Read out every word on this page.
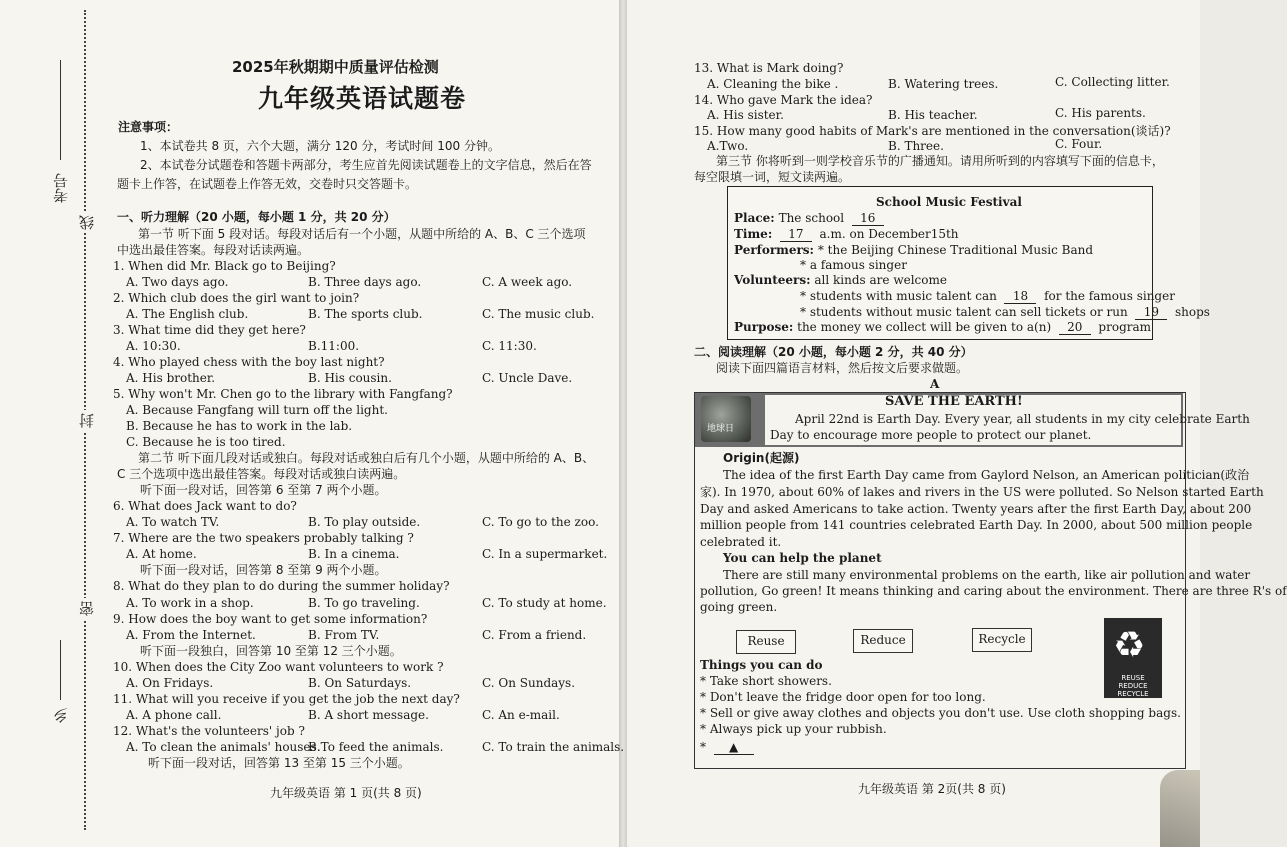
考号
线
封
密
乡
2025年秋期期中质量评估检测
九年级英语试题卷
注意事项：
1、本试卷共 8 页，六个大题，满分 120 分，考试时间 100 分钟。
2、本试卷分试题卷和答题卡两部分，考生应首先阅读试题卷上的文字信息，然后在答
题卡上作答，在试题卷上作答无效，交卷时只交答题卡。
一、听力理解（20 小题，每小题 1 分，共 20 分）
第一节 听下面 5 段对话。每段对话后有一个小题，从题中所给的 A、B、C 三个选项
中选出最佳答案。每段对话读两遍。
1. When did Mr. Black go to Beijing?
A. Two days ago.	B. Three days ago.	C. A week ago.
2. Which club does the girl want to join?
A. The English club.	B. The sports club.	C. The music club.
3. What time did they get here?
A. 10:30.	B.11:00.	C. 11:30.
4. Who played chess with the boy last night?
A. His brother.	B. His cousin.	C. Uncle Dave.
5. Why won't Mr. Chen go to the library with Fangfang?
A. Because Fangfang will turn off the light.
B. Because he has to work in the lab.
C. Because he is too tired.
第二节 听下面几段对话或独白。每段对话或独白后有几个小题，从题中所给的 A、B、
C 三个选项中选出最佳答案。每段对话或独白读两遍。
听下面一段对话，回答第 6 至第 7 两个小题。
6. What does Jack want to do?
A. To watch TV.	B. To play outside.	C. To go to the zoo.
7. Where are the two speakers probably talking ?
A. At home.	B. In a cinema.	C. In a supermarket.
听下面一段对话，回答第 8 至第 9 两个小题。
8. What do they plan to do during the summer holiday?
A. To work in a shop.	B. To go traveling.	C. To study at home.
9. How does the boy want to get some information?
A. From the Internet.	B. From TV.	C. From a friend.
听下面一段独白，回答第 10 至第 12 三个小题。
10. When does the City Zoo want volunteers to work ?
A. On Fridays.	B. On Saturdays.	C. On Sundays.
11. What will you receive if you get the job the next day?
A. A phone call.	B. A short message.	C. An e-mail.
12. What's the volunteers' job ?
A. To clean the animals' houses.
B.To feed the animals.	C. To train the animals.
听下面一段对话，回答第 13 至第 15 三个小题。
九年级英语 第 1 页(共 8 页)
13. What is Mark doing?
A. Cleaning the bike .	B. Watering trees.	C. Collecting litter.
14. Who gave Mark the idea?
A. His sister.	B. His teacher.	C. His parents.
15. How many good habits of Mark's are mentioned in the conversation(谈话)?
A.Two.	B. Three.	C. Four.
第三节 你将听到一则学校音乐节的广播通知。请用所听到的内容填写下面的信息卡，
每空限填一词，短文读两遍。
School Music Festival
Place: The school 16
Time: 17 a.m. on December15th
Performers: * the Beijing Chinese Traditional Music Band
* a famous singer
Volunteers: all kinds are welcome
* students with music talent can 18 for the famous singer
* students without music talent can sell tickets or run 19 shops
Purpose: the money we collect will be given to a(n) 20 program
二、阅读理解（20 小题，每小题 2 分，共 40 分）
阅读下面四篇语言材料，然后按文后要求做题。
A
地球日
SAVE THE EARTH!
April 22nd is Earth Day. Every year, all students in my city celebrate Earth
Day to encourage more people to protect our planet.
Origin(起源)
The idea of the first Earth Day came from Gaylord Nelson, an American politician(政治
家). In 1970, about 60% of lakes and rivers in the US were polluted. So Nelson started Earth
Day and asked Americans to take action. Twenty years after the first Earth Day, about 200
million people from 141 countries celebrated Earth Day. In 2000, about 500 million people
celebrated it.
You can help the planet
There are still many environmental problems on the earth, like air pollution and water
pollution, Go green! It means thinking and caring about the environment. There are three R's of
going green.
Reuse	Reduce	Recycle ♻
REUSE
REDUCE
RECYCLE
Things you can do
* Take short showers.
* Don't leave the fridge door open for too long.
* Sell or give away clothes and objects you don't use. Use cloth shopping bags.
* Always pick up your rubbish.
* ▲
九年级英语 第 2页(共 8 页)
